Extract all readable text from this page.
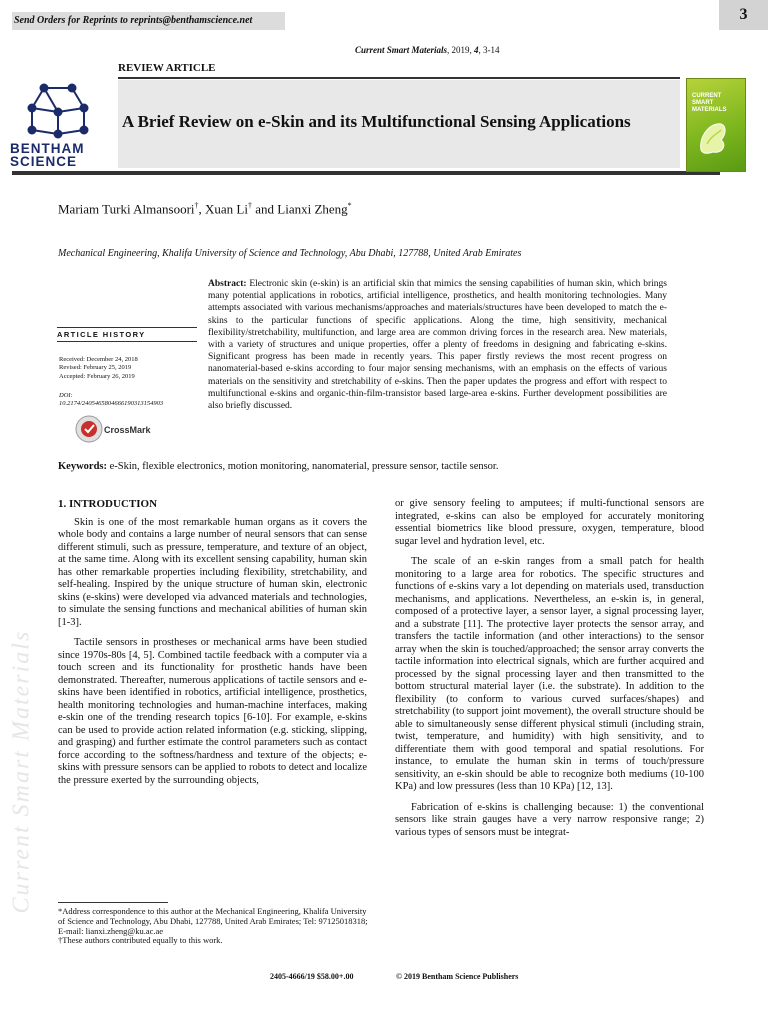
Send Orders for Reprints to reprints@benthamscience.net	3
Current Smart Materials, 2019, 4, 3-14
REVIEW ARTICLE
A Brief Review on e-Skin and its Multifunctional Sensing Applications
BENTHAM
SCIENCE
CURRENT
SMART MATERIALS
Mariam Turki Almansoori†, Xuan Li† and Lianxi Zheng*
Mechanical Engineering, Khalifa University of Science and Technology, Abu Dhabi, 127788, United Arab Emirates
ARTICLE HISTORY
Received: December 24, 2018
Revised: February 25, 2019
Accepted: February 26, 2019
DOI:
10.2174/2405465804666190313154903
CrossMark
Abstract: Electronic skin (e-skin) is an artificial skin that mimics the sensing capabilities of human skin, which brings many potential applications in robotics, artificial intelligence, prosthetics, and health monitoring technologies. Many attempts associated with various mechanisms/approaches and materials/structures have been developed to match the e-skins to the particular functions of specific applications. Along the time, high sensitivity, mechanical flexibility/stretchability, multifunction, and large area are common driving forces in the research area. New materials, with a variety of structures and unique properties, offer a plenty of freedoms in designing and fabricating e-skins. Significant progress has been made in recently years. This paper firstly reviews the most recent progress on nanomaterial-based e-skins according to four major sensing mechanisms, with an emphasis on the effects of various materials on the sensitivity and stretchability of e-skins. Then the paper updates the progress and effort with respect to multifunctional e-skins and organic-thin-film-transistor based large-area e-skins. Further development possibilities are also briefly discussed.
Keywords: e-Skin, flexible electronics, motion monitoring, nanomaterial, pressure sensor, tactile sensor.
1. INTRODUCTION

Skin is one of the most remarkable human organs as it covers the whole body and contains a large number of neural sensors that can sense different stimuli, such as pressure, temperature, and texture of an object, at the same time. Along with its excellent sensing capability, human skin has other remarkable properties including flexibility, stretchability, and self-healing. Inspired by the unique structure of human skin, electronic skins (e-skins) were developed via advanced materials and technologies, to simulate the sensing functions and mechanical abilities of human skin [1-3].

Tactile sensors in prostheses or mechanical arms have been studied since 1970s-80s [4, 5]. Combined tactile feedback with a computer via a touch screen and its functionality for prosthetic hands have been demonstrated. Thereafter, numerous applications of tactile sensors and e-skins have been identified in robotics, artificial intelligence, prosthetics, health monitoring technologies and human-machine interfaces, making e-skin one of the trending research topics [6-10]. For example, e-skins can be used to provide action related information (e.g. sticking, slipping, and grasping) and further estimate the control parameters such as contact force according to the softness/hardness and texture of the objects; e-skins with pressure sensors can be applied to robots to detect and localize the pressure exerted by the surrounding objects,

or give sensory feeling to amputees; if multi-functional sensors are integrated, e-skins can also be employed for accurately monitoring essential biometrics like blood pressure, oxygen, temperature, blood sugar level and hydration level, etc.

The scale of an e-skin ranges from a small patch for health monitoring to a large area for robotics. The specific structures and functions of e-skins vary a lot depending on materials used, transduction mechanisms, and applications. Nevertheless, an e-skin is, in general, composed of a protective layer, a sensor layer, a signal processing layer, and a substrate [11]. The protective layer protects the sensor array, and transfers the tactile information (and other interactions) to the sensor array when the skin is touched/approached; the sensor array converts the tactile information into electrical signals, which are further acquired and processed by the signal processing layer and then transmitted to the bottom structural material layer (i.e. the substrate). In addition to the flexibility (to conform to various curved surfaces/shapes) and stretchability (to support joint movement), the overall structure should be able to simultaneously sense different physical stimuli (including strain, twist, temperature, and humidity) with high sensitivity, and to differentiate them with good temporal and spatial resolutions. For instance, to emulate the human skin in terms of touch/pressure sensitivity, an e-skin should be able to recognize both mediums (10-100 KPa) and low pressures (less than 10 KPa) [12, 13].

Fabrication of e-skins is challenging because: 1) the conventional sensors like strain gauges have a very narrow responsive range; 2) various types of sensors must be integrat-

*Address correspondence to this author at the Mechanical Engineering, Khalifa University of Science and Technology, Abu Dhabi, 127788, United Arab Emirates; Tel: 97125018318; E-mail: lianxi.zheng@ku.ac.ae
†These authors contributed equally to this work.
2405-4666/19 $58.00+.00	© 2019 Bentham Science Publishers
Current Smart Materials
